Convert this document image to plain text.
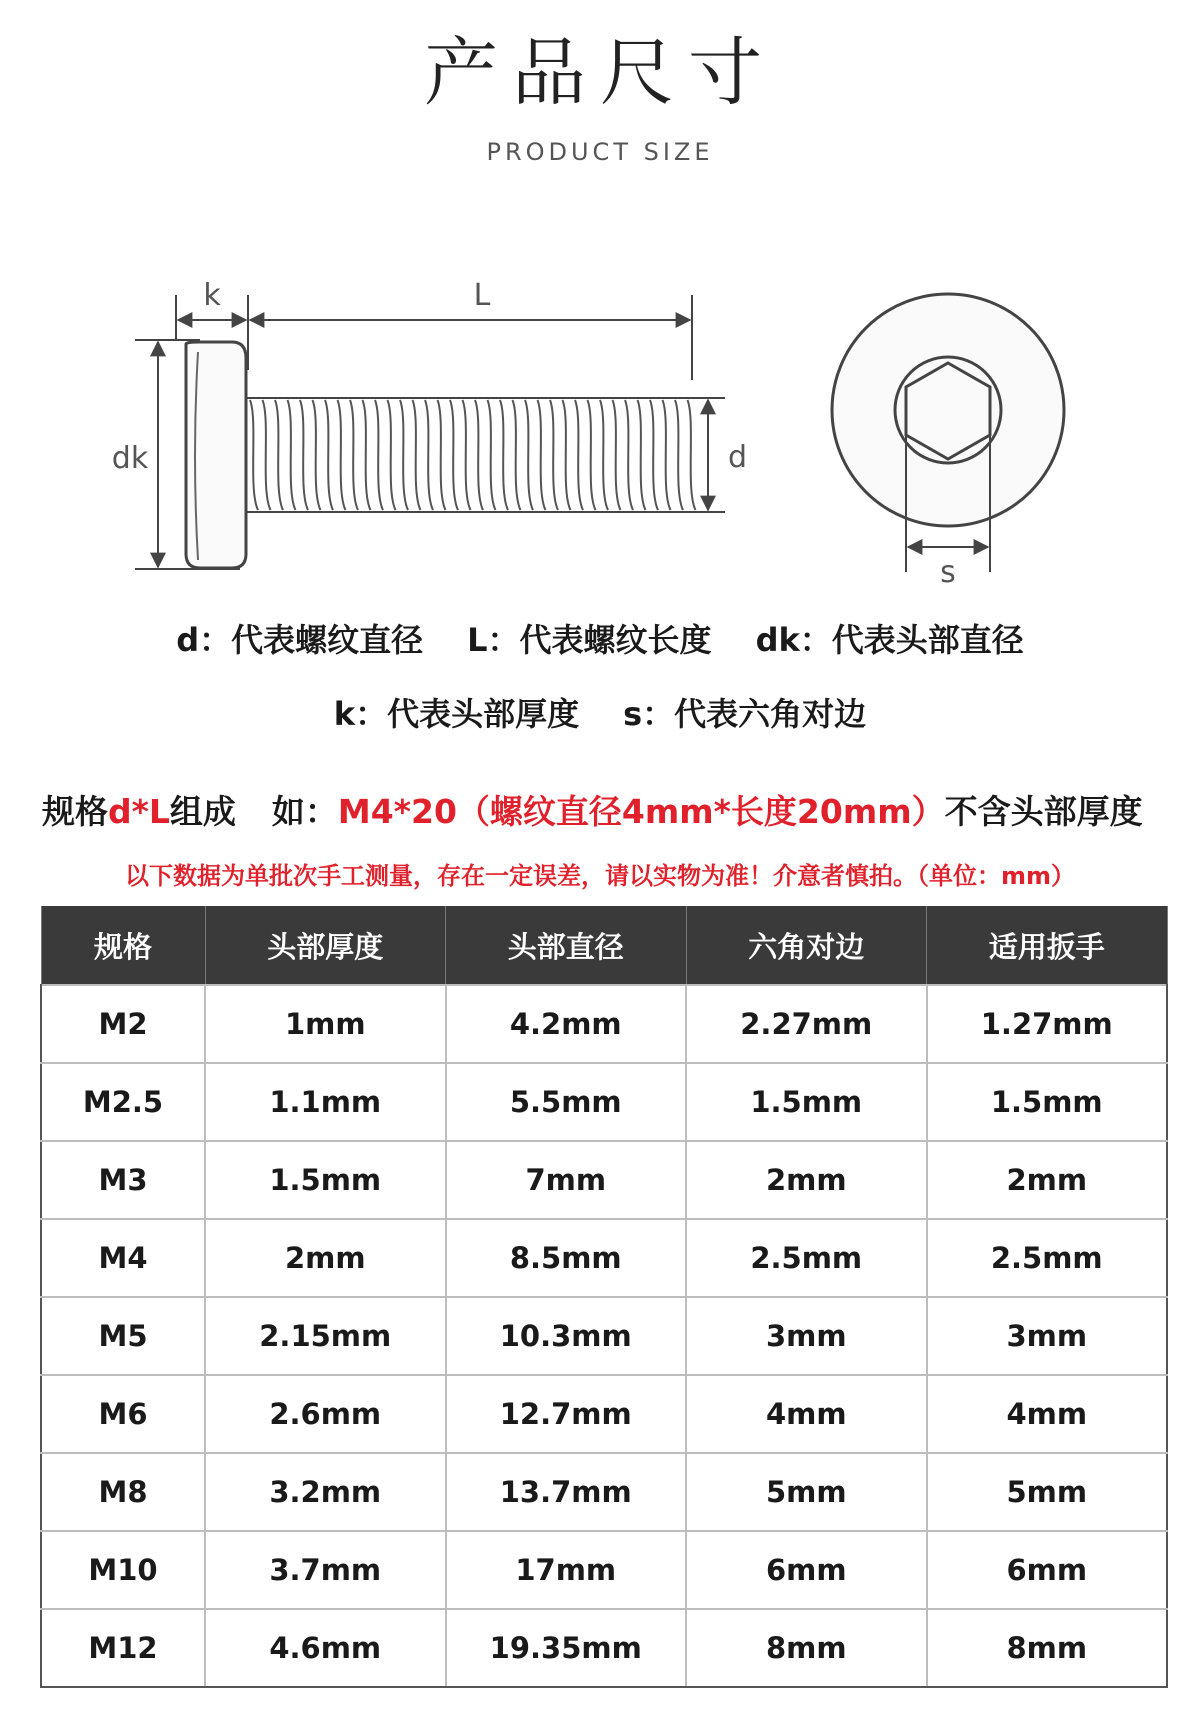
产品尺寸
PRODUCT SIZE
k	L
dk	d
s
d：代表螺纹直径 L：代表螺纹长度 dk：代表头部直径
k：代表头部厚度 s：代表六角对边
规格d*L组成 如：M4*20（螺纹直径4mm*长度20mm）不含头部厚度
以下数据为单批次手工测量，存在一定误差，请以实物为准！介意者慎拍。（单位：mm）
规格	头部厚度	头部直径	六角对边	适用扳手
M2	1mm	4.2mm	2.27mm	1.27mm
M2.5	1.1mm	5.5mm	1.5mm	1.5mm
M3	1.5mm	7mm	2mm	2mm
M4	2mm	8.5mm	2.5mm	2.5mm
M5	2.15mm	10.3mm	3mm	3mm
M6	2.6mm	12.7mm	4mm	4mm
M8	3.2mm	13.7mm	5mm	5mm
M10	3.7mm	17mm	6mm	6mm
M12	4.6mm	19.35mm	8mm	8mm
